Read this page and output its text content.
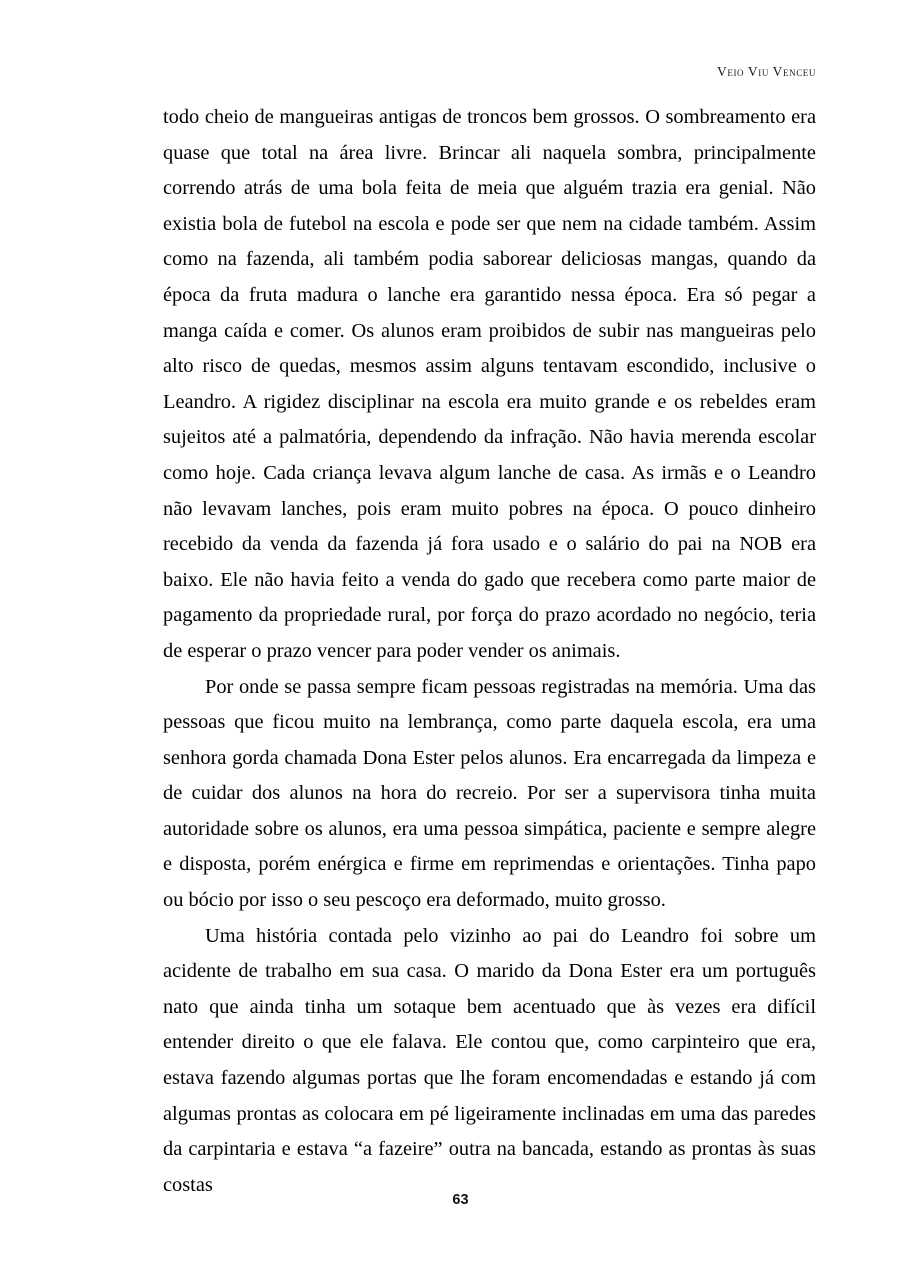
Veio Viu Venceu

todo cheio de mangueiras antigas de troncos bem grossos. O sombreamento era quase que total na área livre. Brincar ali naquela sombra, principalmente correndo atrás de uma bola feita de meia que alguém trazia era genial. Não existia bola de futebol na escola e pode ser que nem na cidade também. Assim como na fazenda, ali também podia saborear deliciosas mangas, quando da época da fruta madura o lanche era garantido nessa época. Era só pegar a manga caída e comer. Os alunos eram proibidos de subir nas mangueiras pelo alto risco de quedas, mesmos assim alguns tentavam escondido, inclusive o Leandro. A rigidez disciplinar na escola era muito grande e os rebeldes eram sujeitos até a palmatória, dependendo da infração. Não havia merenda escolar como hoje. Cada criança levava algum lanche de casa. As irmãs e o Leandro não levavam lanches, pois eram muito pobres na época. O pouco dinheiro recebido da venda da fazenda já fora usado e o salário do pai na NOB era baixo. Ele não havia feito a venda do gado que recebera como parte maior de pagamento da propriedade rural, por força do prazo acordado no negócio, teria de esperar o prazo vencer para poder vender os animais.

Por onde se passa sempre ficam pessoas registradas na memória. Uma das pessoas que ficou muito na lembrança, como parte daquela escola, era uma senhora gorda chamada Dona Ester pelos alunos. Era encarregada da limpeza e de cuidar dos alunos na hora do recreio. Por ser a supervisora tinha muita autoridade sobre os alunos, era uma pessoa simpática, paciente e sempre alegre e disposta, porém enérgica e firme em reprimendas e orientações. Tinha papo ou bócio por isso o seu pescoço era deformado, muito grosso.

Uma história contada pelo vizinho ao pai do Leandro foi sobre um acidente de trabalho em sua casa. O marido da Dona Ester era um português nato que ainda tinha um sotaque bem acentuado que às vezes era difícil entender direito o que ele falava. Ele contou que, como carpinteiro que era, estava fazendo algumas portas que lhe foram encomendadas e estando já com algumas prontas as colocara em pé ligeiramente inclinadas em uma das paredes da carpintaria e estava “a fazeire” outra na bancada, estando as prontas às suas costas

63
